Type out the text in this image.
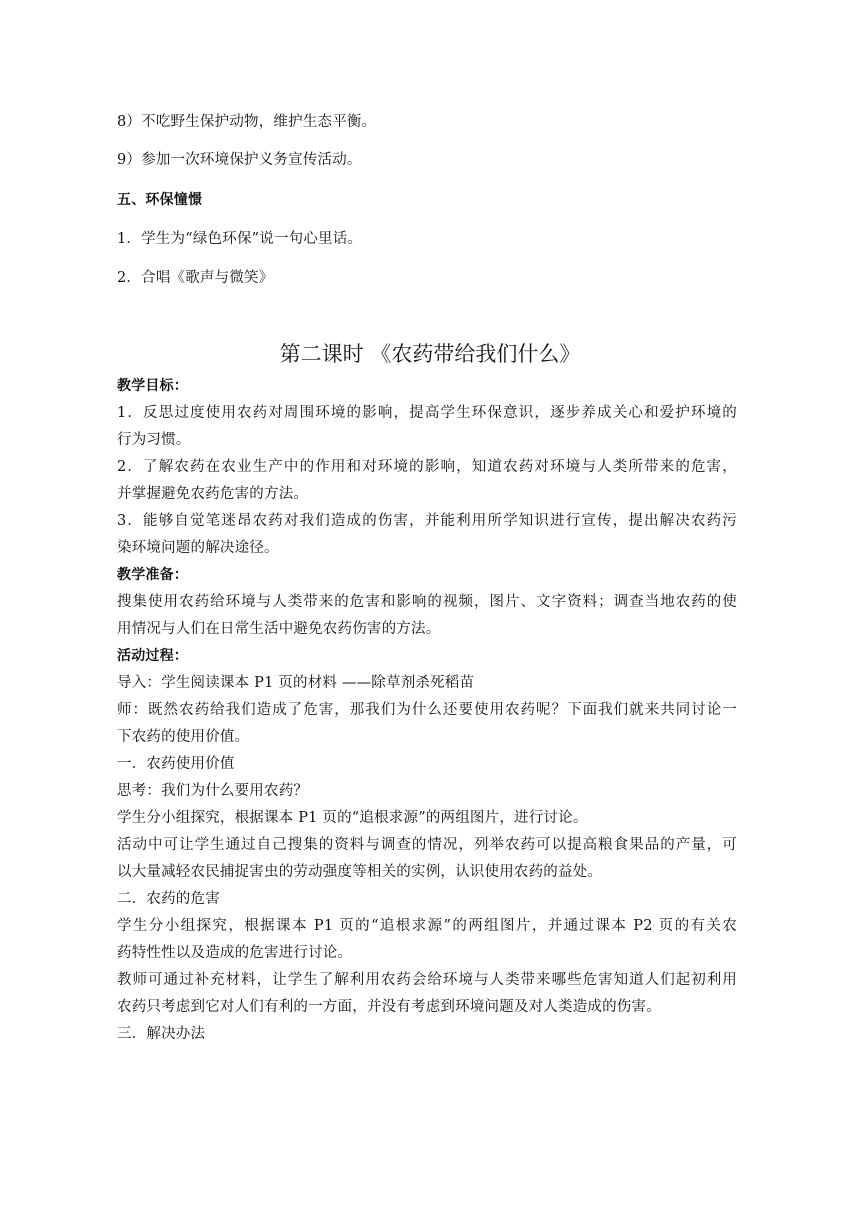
8）不吃野生保护动物，维护生态平衡。
9）参加一次环境保护义务宣传活动。
五、环保憧憬
1．学生为“绿色环保”说一句心里话。
2．合唱《歌声与微笑》
第二课时 《农药带给我们什么》
教学目标：
1．反思过度使用农药对周围环境的影响，提高学生环保意识，逐步养成关心和爱护环境的
行为习惯。
2．了解农药在农业生产中的作用和对环境的影响，知道农药对环境与人类所带来的危害，
并掌握避免农药危害的方法。
3．能够自觉笔迷昂农药对我们造成的伤害，并能利用所学知识进行宣传，提出解决农药污
染环境问题的解决途径。
教学准备：
搜集使用农药给环境与人类带来的危害和影响的视频，图片、文字资料；调查当地农药的使
用情况与人们在日常生活中避免农药伤害的方法。
活动过程：
导入：学生阅读课本 P1 页的材料 ——除草剂杀死稻苗
师：既然农药给我们造成了危害，那我们为什么还要使用农药呢？下面我们就来共同讨论一
下农药的使用价值。
一．农药使用价值
思考：我们为什么要用农药？
学生分小组探究，根据课本 P1 页的“追根求源”的两组图片，进行讨论。
活动中可让学生通过自己搜集的资料与调查的情况，列举农药可以提高粮食果品的产量，可
以大量减轻农民捕捉害虫的劳动强度等相关的实例，认识使用农药的益处。
二．农药的危害
学生分小组探究，根据课本 P1 页的“追根求源”的两组图片，并通过课本 P2 页的有关农
药特性性以及造成的危害进行讨论。
教师可通过补充材料，让学生了解利用农药会给环境与人类带来哪些危害知道人们起初利用
农药只考虑到它对人们有利的一方面，并没有考虑到环境问题及对人类造成的伤害。
三．解决办法
